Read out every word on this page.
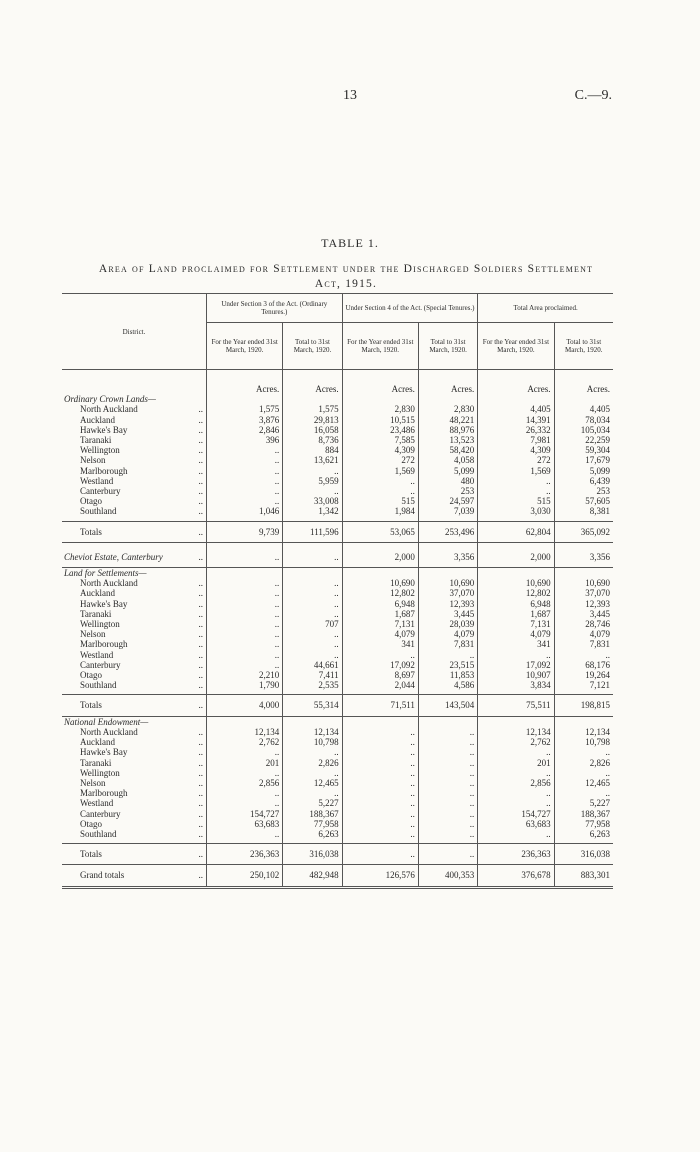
13	C.—9.
TABLE 1.
Area of Land proclaimed for Settlement under the Discharged Soldiers Settlement
Act, 1915.
District.	Under Section 3 of the Act. (Ordinary Tenures.)		Under Section 4 of the Act. (Special Tenures.)		Total Area proclaimed.	
	For the Year ended 31st March, 1920.	Total to 31st March, 1920.	For the Year ended 31st March, 1920.	Total to 31st March, 1920.	For the Year ended 31st March, 1920.	Total to 31st March, 1920.
	Acres.	Acres.	Acres.	Acres.	Acres.	Acres.
Ordinary Crown Lands—						
North Auckland ..	1,575	1,575	2,830	2,830	4,405	4,405
Auckland ..	3,876	29,813	10,515	48,221	14,391	78,034
Hawke's Bay ..	2,846	16,058	23,486	88,976	26,332	105,034
Taranaki ..	396	8,736	7,585	13,523	7,981	22,259
Wellington ..	..	884	4,309	58,420	4,309	59,304
Nelson ..	..	13,621	272	4,058	272	17,679
Marlborough ..	..	..	1,569	5,099	1,569	5,099
Westland ..	..	5,959	..	480	..	6,439
Canterbury ..	..	..	..	253	..	253
Otago ..	..	33,008	515	24,597	515	57,605
Southland ..	1,046	1,342	1,984	7,039	3,030	8,381

Totals ..	9,739	111,596	53,065	253,496	62,804	365,092

Cheviot Estate, Canterbury ..	..	..	2,000	3,356	2,000	3,356
Land for Settlements—						
North Auckland ..	..	..	10,690	10,690	10,690	10,690
Auckland ..	..	..	12,802	37,070	12,802	37,070
Hawke's Bay ..	..	..	6,948	12,393	6,948	12,393
Taranaki ..	..	..	1,687	3,445	1,687	3,445
Wellington ..	..	707	7,131	28,039	7,131	28,746
Nelson ..	..	..	4,079	4,079	4,079	4,079
Marlborough ..	..	..	341	7,831	341	7,831
Westland ..	..	..	..	..	..	..
Canterbury ..	..	44,661	17,092	23,515	17,092	68,176
Otago ..	2,210	7,411	8,697	11,853	10,907	19,264
Southland ..	1,790	2,535	2,044	4,586	3,834	7,121

Totals ..	4,000	55,314	71,511	143,504	75,511	198,815
National Endowment—						
North Auckland ..	12,134	12,134	..	..	12,134	12,134
Auckland ..	2,762	10,798	..	..	2,762	10,798
Hawke's Bay ..	..	..	..	..	..	..
Taranaki ..	201	2,826	..	..	201	2,826
Wellington ..	..	..	..	..	..	..
Nelson ..	2,856	12,465	..	..	2,856	12,465
Marlborough ..	..	..	..	..	..	..
Westland ..	..	5,227	..	..	..	5,227
Canterbury ..	154,727	188,367	..	..	154,727	188,367
Otago ..	63,683	77,958	..	..	63,683	77,958
Southland ..	..	6,263	..	..	..	6,263

Totals ..	236,363	316,038	..	..	236,363	316,038
Grand totals ..	250,102	482,948	126,576	400,353	376,678	883,301
